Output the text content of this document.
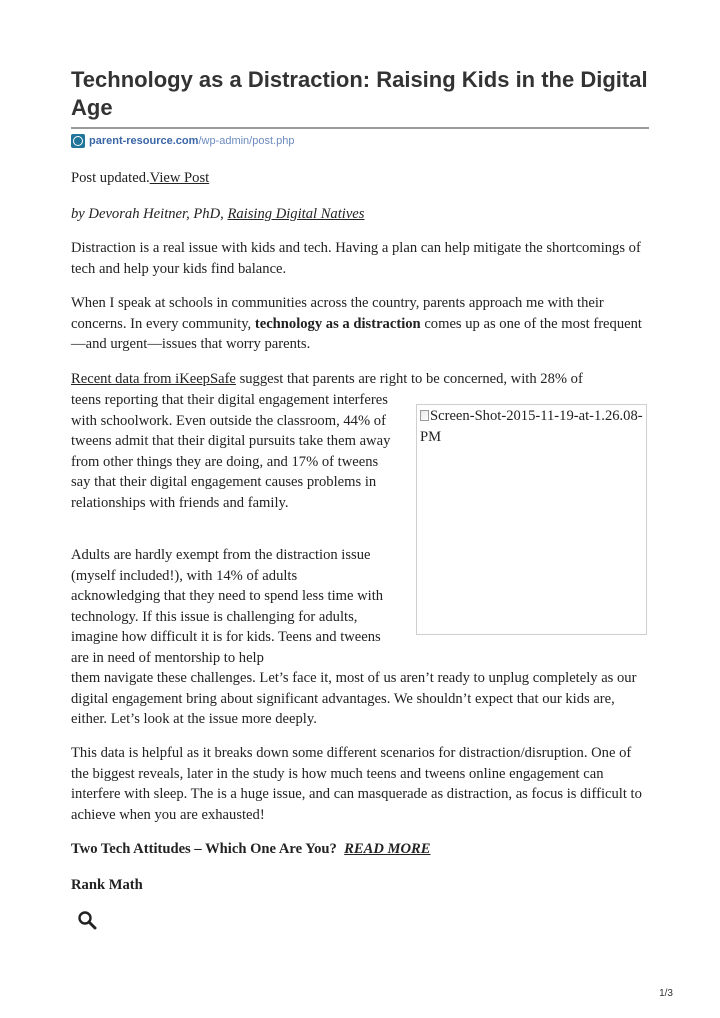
Technology as a Distraction: Raising Kids in the Digital Age
parent-resource.com/wp-admin/post.php

Post updated.View Post

by Devorah Heitner, PhD, Raising Digital Natives

Distraction is a real issue with kids and tech. Having a plan can help mitigate the shortcomings of tech and help your kids find balance.

When I speak at schools in communities across the country, parents approach me with their concerns. In every community, technology as a distraction comes up as one of the most frequent—and urgent—issues that worry parents.

Recent data from iKeepSafe suggest that parents are right to be concerned, with 28% of

teens reporting that their digital engagement interferes with schoolwork. Even outside the classroom, 44% of tweens admit that their digital pursuits take them away from other things they are doing, and 17% of tweens say that their digital engagement causes problems in relationships with friends and family.

Adults are hardly exempt from the distraction issue (myself included!), with 14% of adults acknowledging that they need to spend less time with technology. If this issue is challenging for adults, imagine how difficult it is for kids. Teens and tweens are in need of mentorship to help

them navigate these challenges. Let’s face it, most of us aren’t ready to unplug completely as our digital engagement bring about significant advantages. We shouldn’t expect that our kids are, either. Let’s look at the issue more deeply.

This data is helpful as it breaks down some different scenarios for distraction/disruption. One of the biggest reveals, later in the study is how much teens and tweens online engagement can interfere with sleep. The is a huge issue, and can masquerade as distraction, as focus is difficult to achieve when you are exhausted!

Two Tech Attitudes – Which One Are You? READ MORE

Rank Math

Screen-Shot-2015-11-19-at-1.26.08-PM
1/3
